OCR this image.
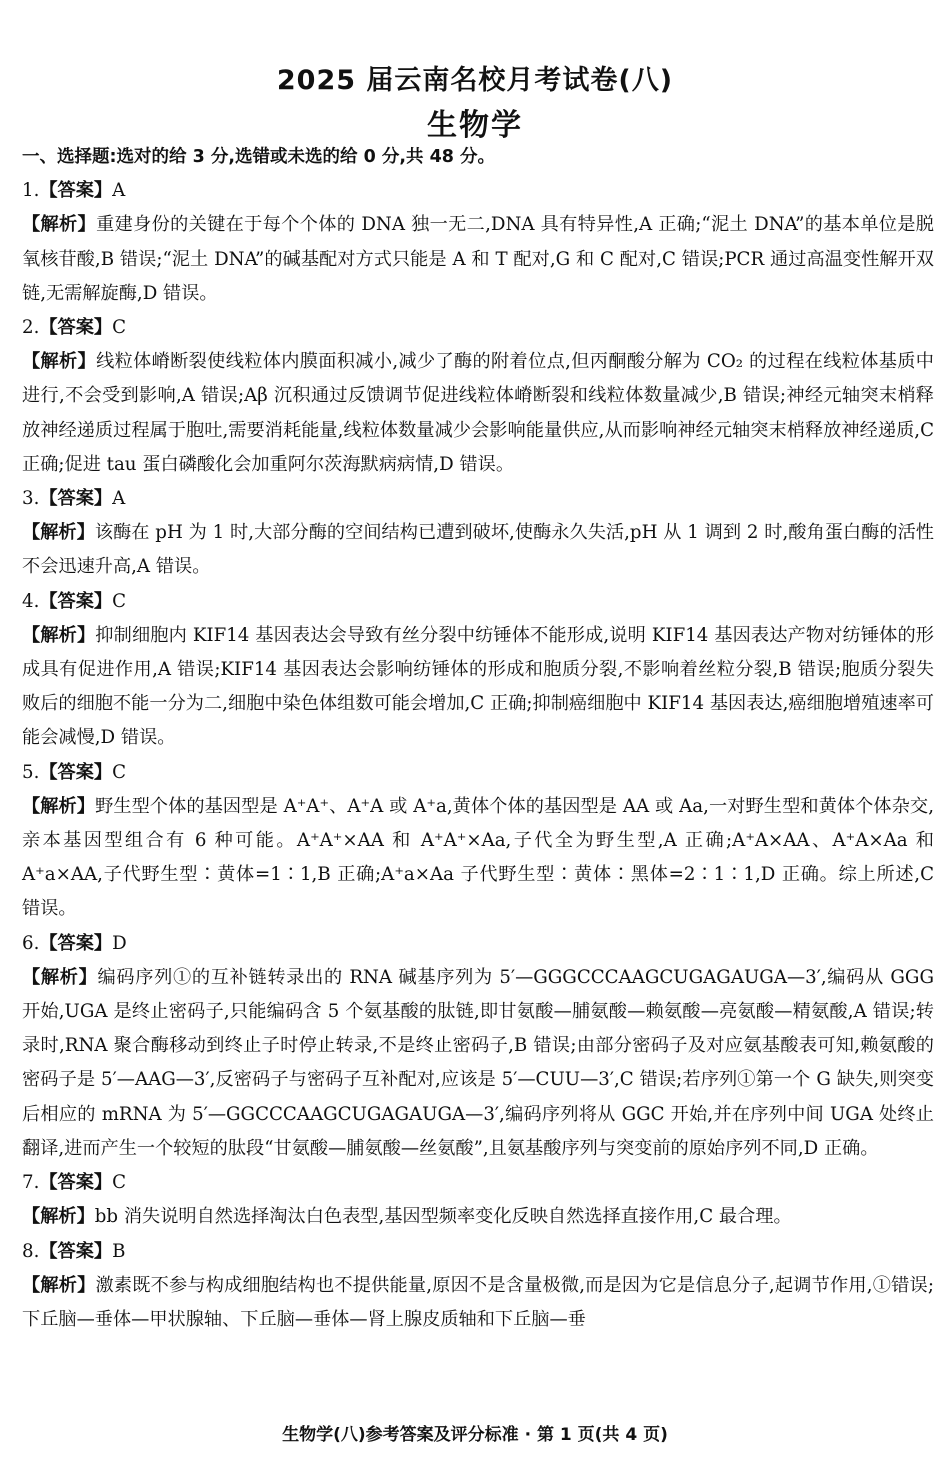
2025 届云南名校月考试卷(八)
生物学
一、选择题:选对的给 3 分,选错或未选的给 0 分,共 48 分。
1.【答案】A
【解析】重建身份的关键在于每个个体的 DNA 独一无二,DNA 具有特异性,A 正确;“泥土 DNA”的基本单位是脱氧核苷酸,B 错误;“泥土 DNA”的碱基配对方式只能是 A 和 T 配对,G 和 C 配对,C 错误;PCR 通过高温变性解开双链,无需解旋酶,D 错误。
2.【答案】C
【解析】线粒体嵴断裂使线粒体内膜面积减小,减少了酶的附着位点,但丙酮酸分解为 CO₂ 的过程在线粒体基质中进行,不会受到影响,A 错误;Aβ 沉积通过反馈调节促进线粒体嵴断裂和线粒体数量减少,B 错误;神经元轴突末梢释放神经递质过程属于胞吐,需要消耗能量,线粒体数量减少会影响能量供应,从而影响神经元轴突末梢释放神经递质,C 正确;促进 tau 蛋白磷酸化会加重阿尔茨海默病病情,D 错误。
3.【答案】A
【解析】该酶在 pH 为 1 时,大部分酶的空间结构已遭到破坏,使酶永久失活,pH 从 1 调到 2 时,酸角蛋白酶的活性不会迅速升高,A 错误。
4.【答案】C
【解析】抑制细胞内 KIF14 基因表达会导致有丝分裂中纺锤体不能形成,说明 KIF14 基因表达产物对纺锤体的形成具有促进作用,A 错误;KIF14 基因表达会影响纺锤体的形成和胞质分裂,不影响着丝粒分裂,B 错误;胞质分裂失败后的细胞不能一分为二,细胞中染色体组数可能会增加,C 正确;抑制癌细胞中 KIF14 基因表达,癌细胞增殖速率可能会减慢,D 错误。
5.【答案】C
【解析】野生型个体的基因型是 A⁺A⁺、A⁺A 或 A⁺a,黄体个体的基因型是 AA 或 Aa,一对野生型和黄体个体杂交,亲本基因型组合有 6 种可能。A⁺A⁺×AA 和 A⁺A⁺×Aa,子代全为野生型,A 正确;A⁺A×AA、A⁺A×Aa 和 A⁺a×AA,子代野生型∶黄体=1∶1,B 正确;A⁺a×Aa 子代野生型∶黄体∶黑体=2∶1∶1,D 正确。综上所述,C 错误。
6.【答案】D
【解析】编码序列①的互补链转录出的 RNA 碱基序列为 5′—GGGCCCAAGCUGAGAUGA—3′,编码从 GGG 开始,UGA 是终止密码子,只能编码含 5 个氨基酸的肽链,即甘氨酸—脯氨酸—赖氨酸—亮氨酸—精氨酸,A 错误;转录时,RNA 聚合酶移动到终止子时停止转录,不是终止密码子,B 错误;由部分密码子及对应氨基酸表可知,赖氨酸的密码子是 5′—AAG—3′,反密码子与密码子互补配对,应该是 5′—CUU—3′,C 错误;若序列①第一个 G 缺失,则突变后相应的 mRNA 为 5′—GGCCCAAGCUGAGAUGA—3′,编码序列将从 GGC 开始,并在序列中间 UGA 处终止翻译,进而产生一个较短的肽段“甘氨酸—脯氨酸—丝氨酸”,且氨基酸序列与突变前的原始序列不同,D 正确。
7.【答案】C
【解析】bb 消失说明自然选择淘汰白色表型,基因型频率变化反映自然选择直接作用,C 最合理。
8.【答案】B
【解析】激素既不参与构成细胞结构也不提供能量,原因不是含量极微,而是因为它是信息分子,起调节作用,①错误;下丘脑—垂体—甲状腺轴、下丘脑—垂体—肾上腺皮质轴和下丘脑—垂
生物学(八)参考答案及评分标准 · 第 1 页(共 4 页)
